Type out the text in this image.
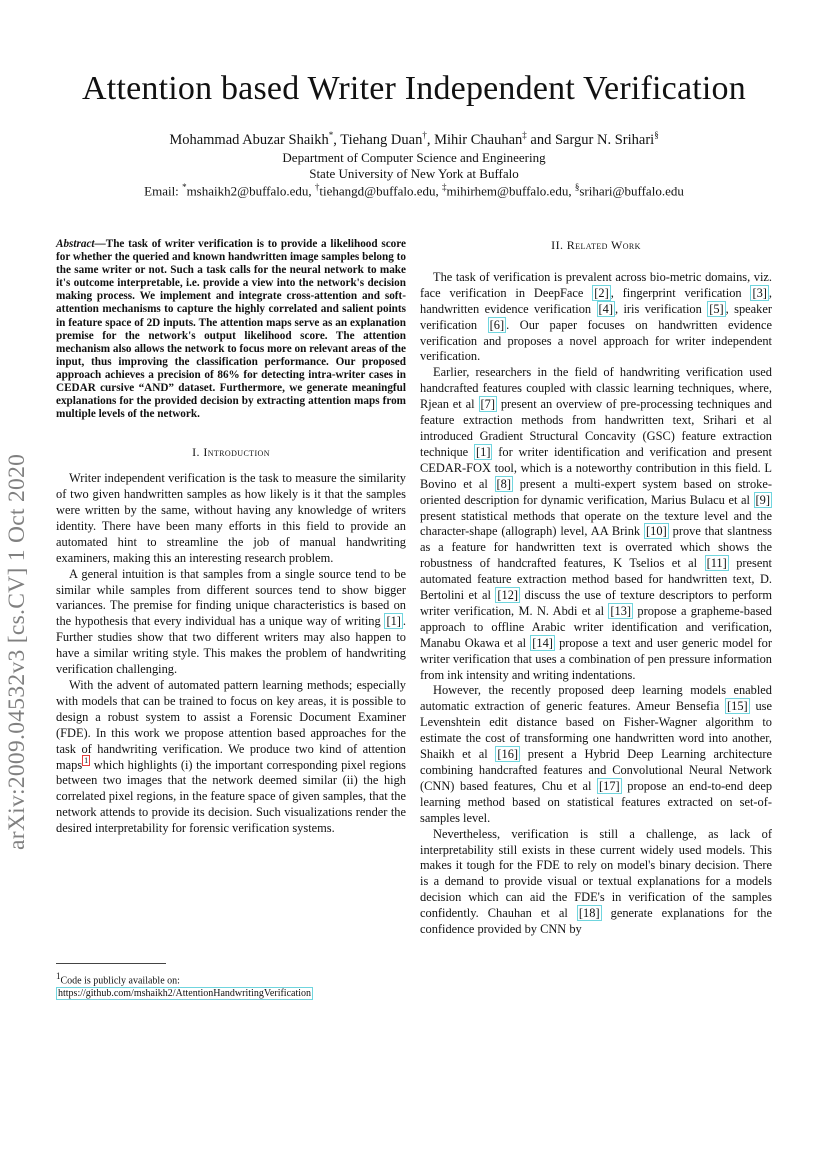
Attention based Writer Independent Verification
Mohammad Abuzar Shaikh*, Tiehang Duan†, Mihir Chauhan‡ and Sargur N. Srihari§
Department of Computer Science and Engineering
State University of New York at Buffalo
Email: *mshaikh2@buffalo.edu, †tiehangd@buffalo.edu, ‡mihirhem@buffalo.edu, §srihari@buffalo.edu
arXiv:2009.04532v3 [cs.CV] 1 Oct 2020

Abstract—The task of writer verification is to provide a likelihood score for whether the queried and known handwritten image samples belong to the same writer or not. Such a task calls for the neural network to make it's outcome interpretable, i.e. provide a view into the network's decision making process. We implement and integrate cross-attention and soft-attention mechanisms to capture the highly correlated and salient points in feature space of 2D inputs. The attention maps serve as an explanation premise for the network's output likelihood score. The attention mechanism also allows the network to focus more on relevant areas of the input, thus improving the classification performance. Our proposed approach achieves a precision of 86% for detecting intra-writer cases in CEDAR cursive “AND” dataset. Furthermore, we generate meaningful explanations for the provided decision by extracting attention maps from multiple levels of the network.

I. Introduction

Writer independent verification is the task to measure the similarity of two given handwritten samples as how likely is it that the samples were written by the same, without having any knowledge of writers identity. There have been many efforts in this field to provide an automated hint to streamline the job of manual handwriting examiners, making this an interesting research problem.

A general intuition is that samples from a single source tend to be similar while samples from different sources tend to show bigger variances. The premise for finding unique characteristics is based on the hypothesis that every individual has a unique way of writing [1] . Further studies show that two different writers may also happen to have a similar writing style. This makes the problem of handwriting verification challenging.

With the advent of automated pattern learning methods; especially with models that can be trained to focus on key areas, it is possible to design a robust system to assist a Forensic Document Examiner (FDE). In this work we propose attention based approaches for the task of handwriting verification. We produce two kind of attention maps $^1$ which highlights (i) the important corresponding pixel regions between two images that the network deemed similar (ii) the high correlated pixel regions, in the feature space of given samples, that the network attends to provide its decision. Such visualizations render the desired interpretability for forensic verification systems.

$^1$Code is publicly available on:
https://github.com/mshaikh2/AttentionHandwritingVerification

II. Related Work

The task of verification is prevalent across bio-metric domains, viz. face verification in DeepFace [2] , fingerprint verification [3] , handwritten evidence verification [4] , iris verification [5] , speaker verification [6] . Our paper focuses on handwritten evidence verification and proposes a novel approach for writer independent verification.

Earlier, researchers in the field of handwriting verification used handcrafted features coupled with classic learning techniques, where, Rjean et al [7] present an overview of pre-processing techniques and feature extraction methods from handwritten text, Srihari et al introduced Gradient Structural Concavity (GSC) feature extraction technique [1] for writer identification and verification and present CEDAR-FOX tool, which is a noteworthy contribution in this field. L Bovino et al [8] present a multi-expert system based on stroke-oriented description for dynamic verification, Marius Bulacu et al [9] present statistical methods that operate on the texture level and the character-shape (allograph) level, AA Brink [10] prove that slantness as a feature for handwritten text is overrated which shows the robustness of handcrafted features, K Tselios et al [11] present automated feature extraction method based for handwritten text, D. Bertolini et al [12] discuss the use of texture descriptors to perform writer verification, M. N. Abdi et al [13] propose a grapheme-based approach to offline Arabic writer identification and verification, Manabu Okawa et al [14] propose a text and user generic model for writer verification that uses a combination of pen pressure information from ink intensity and writing indentations.

However, the recently proposed deep learning models enabled automatic extraction of generic features. Ameur Bensefia [15] use Levenshtein edit distance based on Fisher-Wagner algorithm to estimate the cost of transforming one handwritten word into another, Shaikh et al [16] present a Hybrid Deep Learning architecture combining handcrafted features and Convolutional Neural Network (CNN) based features, Chu et al [17] propose an end-to-end deep learning method based on statistical features extracted on set-of-samples level.

Nevertheless, verification is still a challenge, as lack of interpretability still exists in these current widely used models. This makes it tough for the FDE to rely on model's binary decision. There is a demand to provide visual or textual explanations for a models decision which can aid the FDE's in verification of the samples confidently. Chauhan et al [18] generate explanations for the confidence provided by CNN by
